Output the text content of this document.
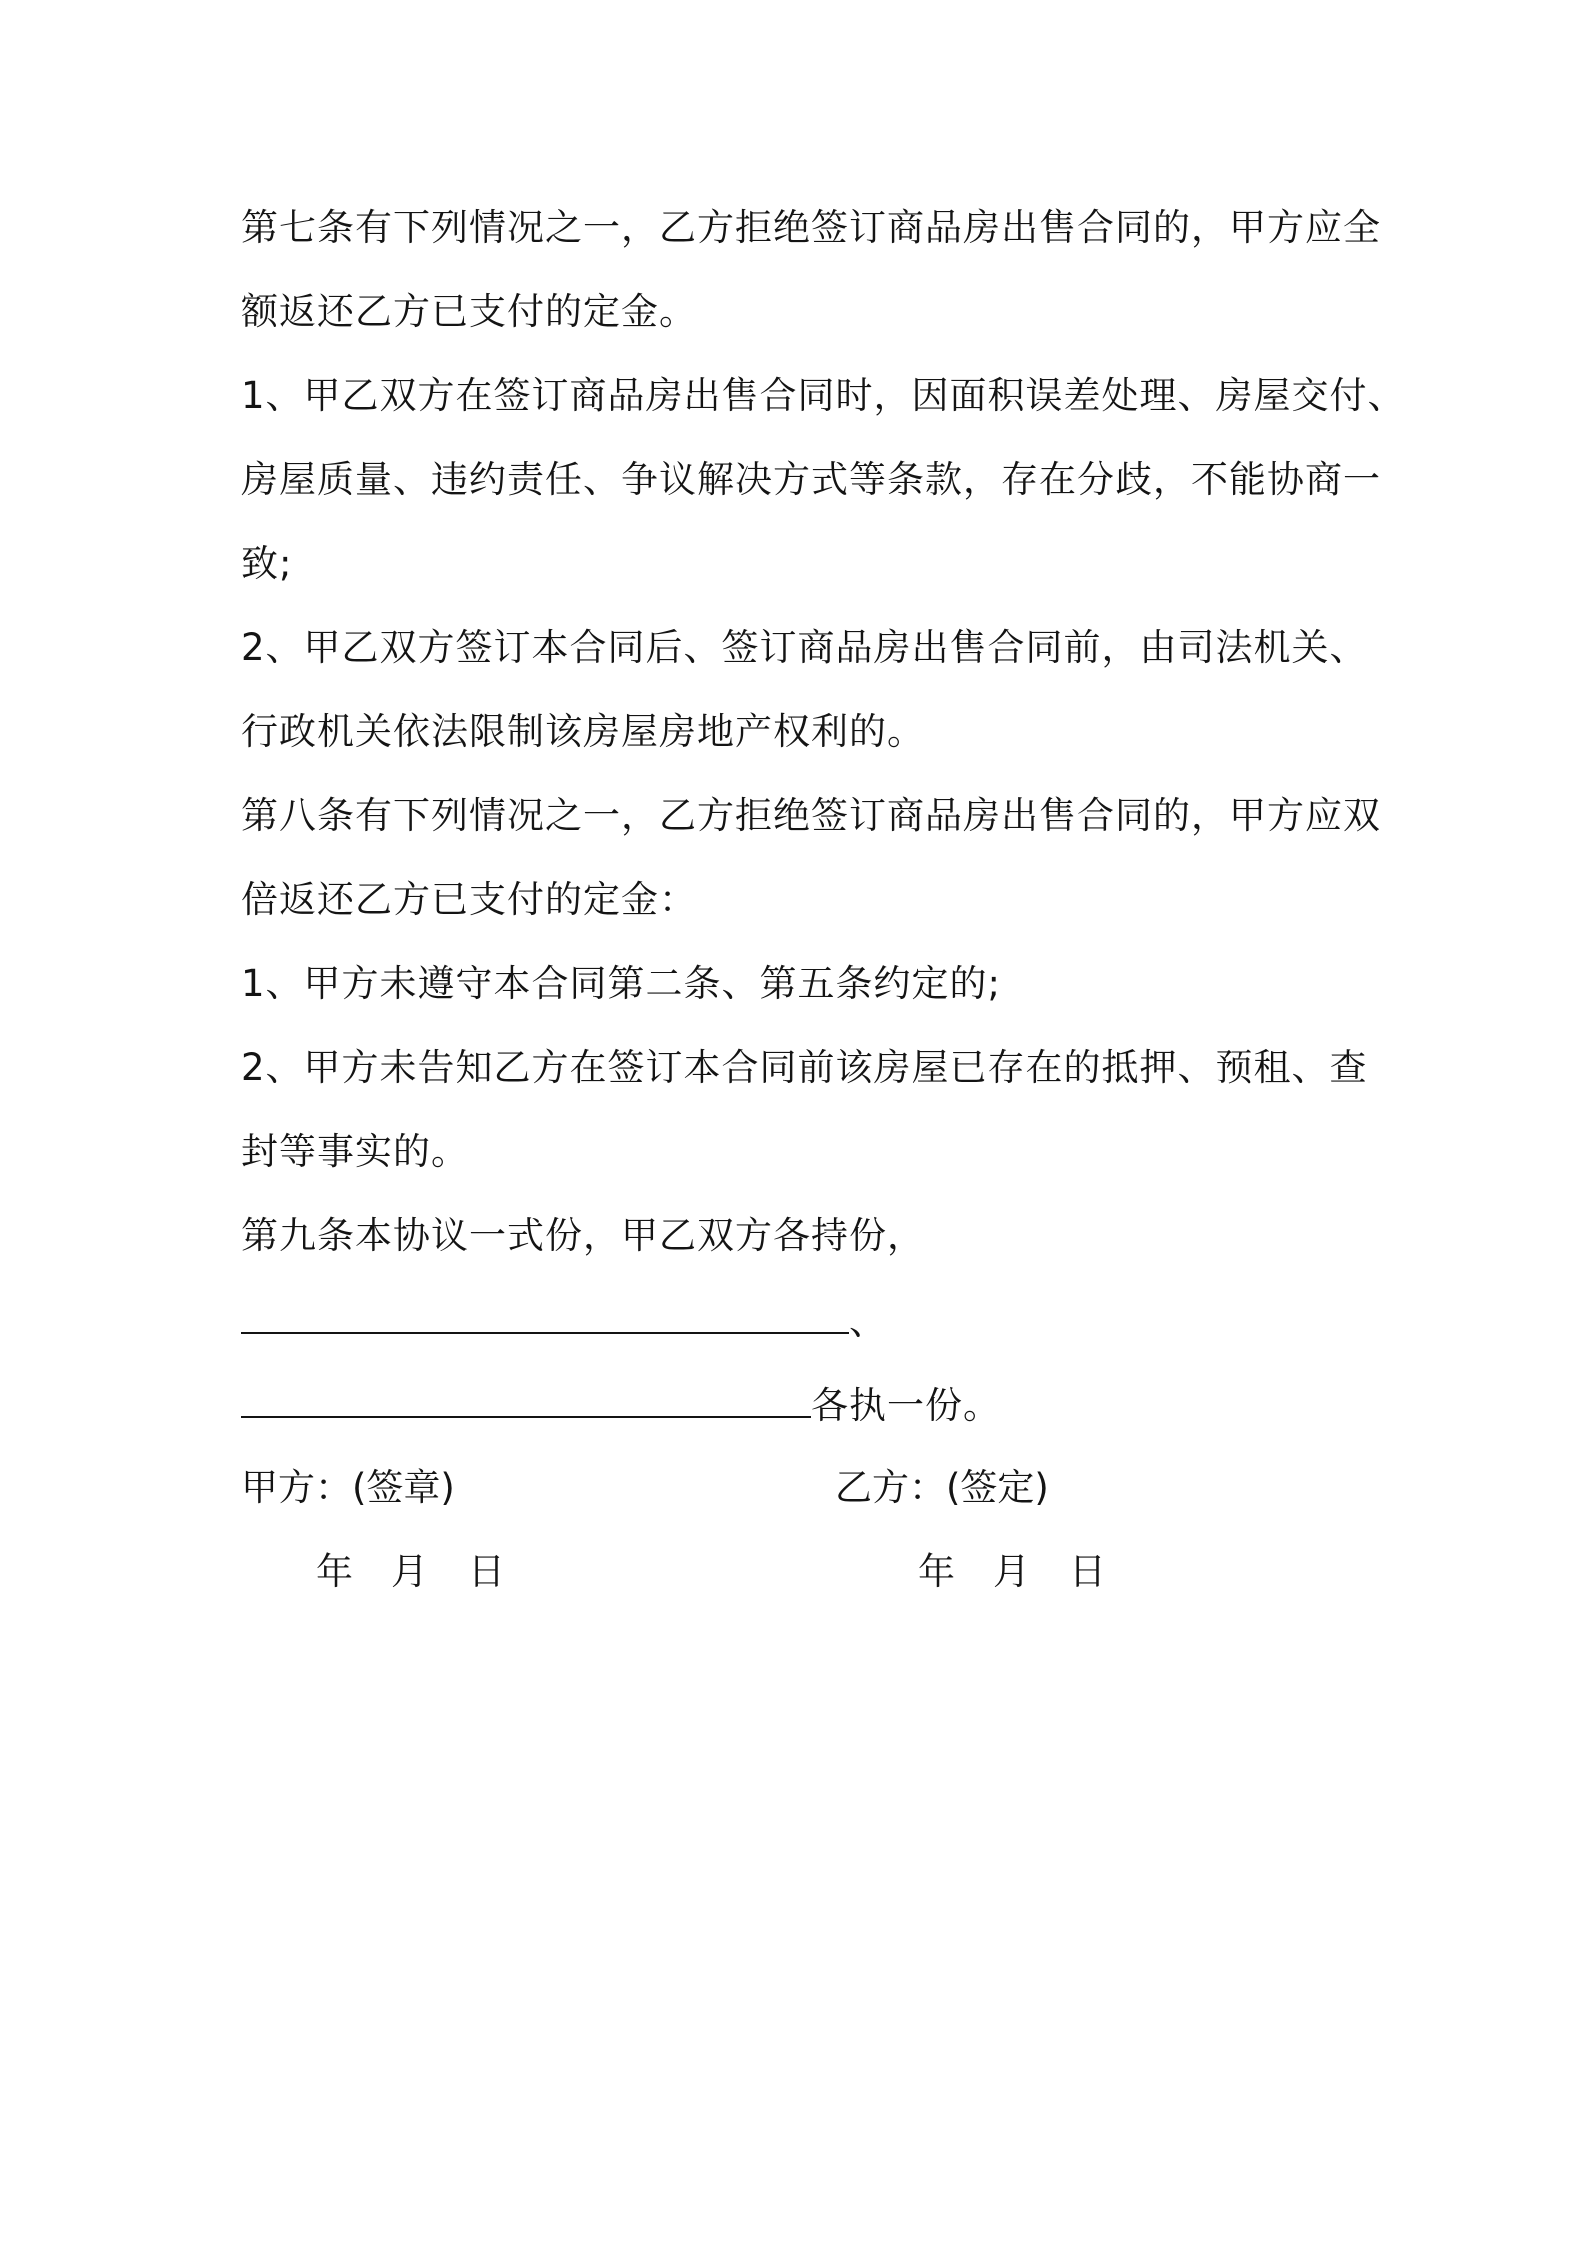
第七条有下列情况之一，乙方拒绝签订商品房出售合同的，甲方应全
额返还乙方已支付的定金。
1、甲乙双方在签订商品房出售合同时，因面积误差处理、房屋交付、
房屋质量、违约责任、争议解决方式等条款，存在分歧，不能协商一
致;
2、甲乙双方签订本合同后、签订商品房出售合同前，由司法机关、
行政机关依法限制该房屋房地产权利的。
第八条有下列情况之一，乙方拒绝签订商品房出售合同的，甲方应双
倍返还乙方已支付的定金：
1、甲方未遵守本合同第二条、第五条约定的;
2、甲方未告知乙方在签订本合同前该房屋已存在的抵押、预租、查
封等事实的。
第九条本协议一式份，甲乙双方各持份，
、
各执一份。
甲方：(签章)	乙方：(签定)
年 月 日	年 月 日
